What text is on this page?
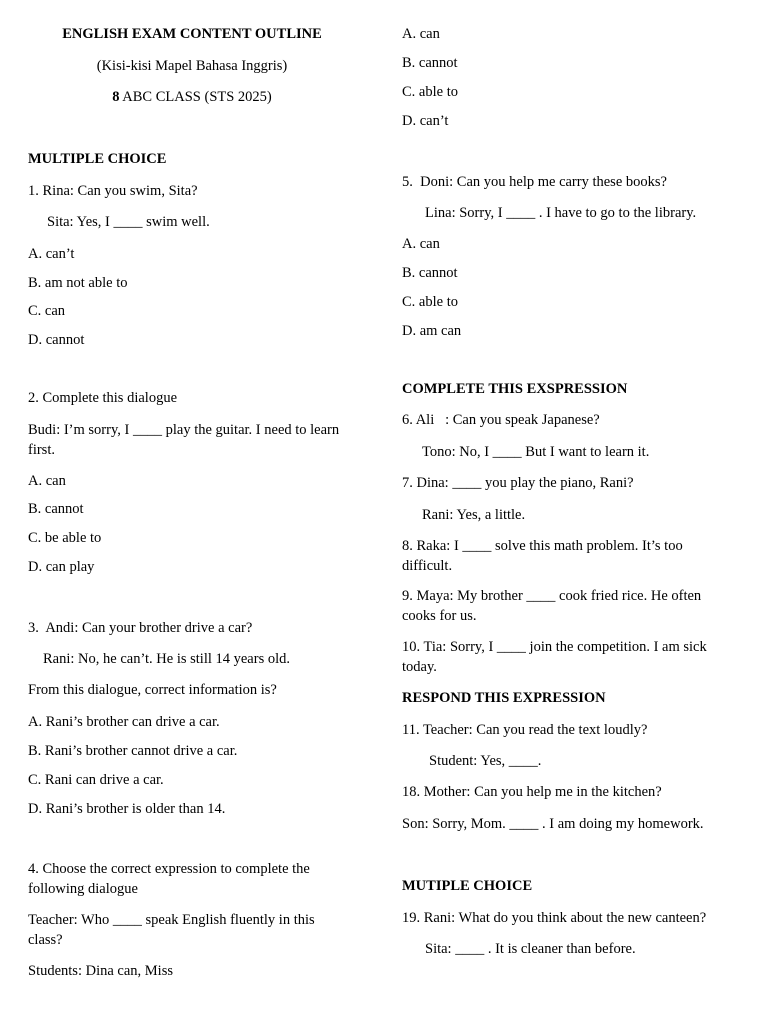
ENGLISH EXAM CONTENT OUTLINE
(Kisi-kisi Mapel Bahasa Inggris)
8 ABC CLASS (STS 2025)
MULTIPLE CHOICE
1. Rina: Can you swim, Sita?
Sita: Yes, I ____ swim well.
A. can’t
B. am not able to
C. can
D. cannot
2. Complete this dialogue
Budi: I’m sorry, I ____ play the guitar. I need to learn first.
A. can
B. cannot
C. be able to
D. can play
3.  Andi: Can your brother drive a car?
Rani: No, he can’t. He is still 14 years old.
From this dialogue, correct information is?
A. Rani’s brother can drive a car.
B. Rani’s brother cannot drive a car.
C. Rani can drive a car.
D. Rani’s brother is older than 14.
4. Choose the correct expression to complete the following dialogue
Teacher: Who ____ speak English fluently in this class?
Students: Dina can, Miss
A. can
B. cannot
C. able to
D. can’t
5.  Doni: Can you help me carry these books?
Lina: Sorry, I ____ . I have to go to the library.
A. can
B. cannot
C. able to
D. am can
COMPLETE THIS EXSPRESSION
6. Ali   : Can you speak Japanese?
Tono: No, I ____ But I want to learn it.
7. Dina: ____ you play the piano, Rani?
Rani: Yes, a little.
8. Raka: I ____ solve this math problem. It’s too difficult.
9. Maya: My brother ____ cook fried rice. He often cooks for us.
10. Tia: Sorry, I ____ join the competition. I am sick today.
RESPOND THIS EXPRESSION
11. Teacher: Can you read the text loudly?
Student: Yes, ____.
18. Mother: Can you help me in the kitchen?
Son: Sorry, Mom. ____ . I am doing my homework.
MUTIPLE CHOICE
19. Rani: What do you think about the new canteen?
Sita: ____ . It is cleaner than before.
